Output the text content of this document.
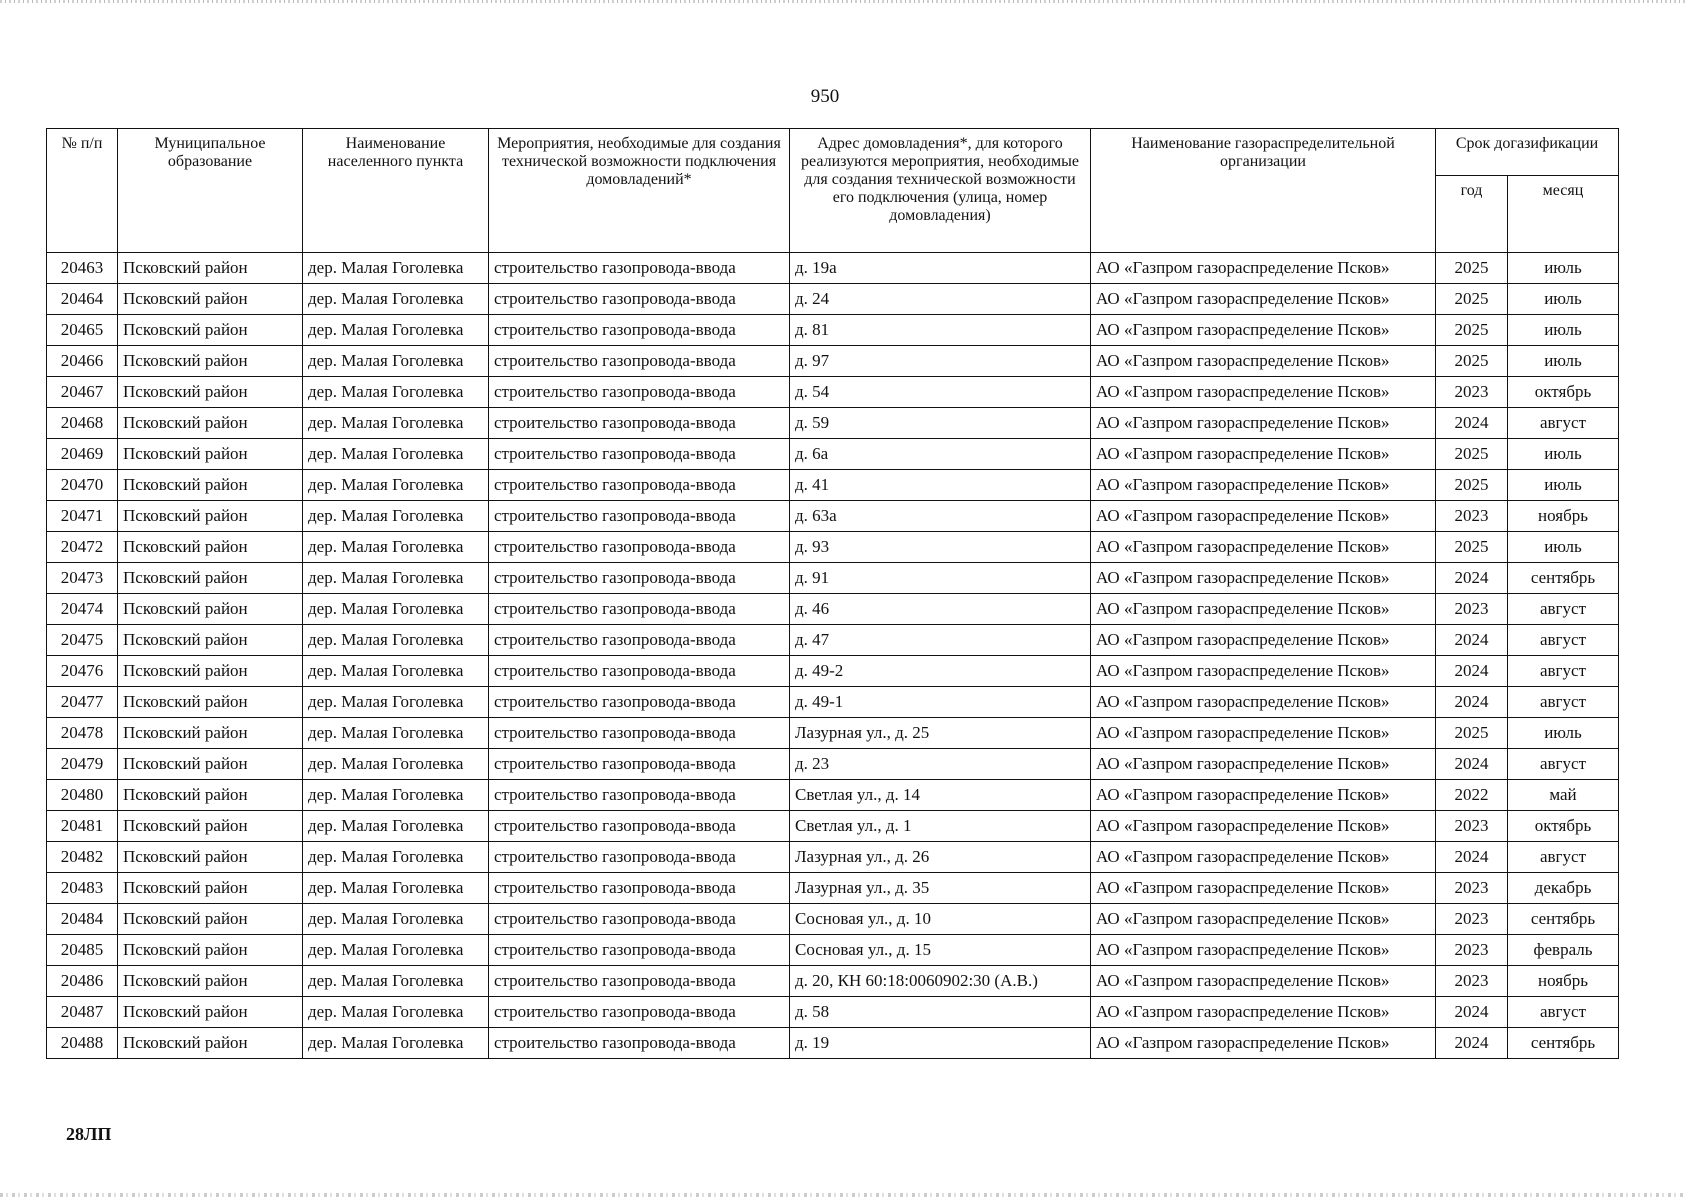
950
№ п/п	Муниципальное образование	Наименование населенного пункта	Мероприятия, необходимые для создания технической возможности подключения домовладений*	Адрес домовладения*, для которого реализуются мероприятия, необходимые для создания технической возможности его подключения (улица, номер домовладения)	Наименование газораспределительной организации	Срок догазификации	
						год	месяц
20463	Псковский район	дер. Малая Гоголевка	строительство газопровода-ввода	д. 19а	АО «Газпром газораспределение Псков»	2025	июль
20464	Псковский район	дер. Малая Гоголевка	строительство газопровода-ввода	д. 24	АО «Газпром газораспределение Псков»	2025	июль
20465	Псковский район	дер. Малая Гоголевка	строительство газопровода-ввода	д. 81	АО «Газпром газораспределение Псков»	2025	июль
20466	Псковский район	дер. Малая Гоголевка	строительство газопровода-ввода	д. 97	АО «Газпром газораспределение Псков»	2025	июль
20467	Псковский район	дер. Малая Гоголевка	строительство газопровода-ввода	д. 54	АО «Газпром газораспределение Псков»	2023	октябрь
20468	Псковский район	дер. Малая Гоголевка	строительство газопровода-ввода	д. 59	АО «Газпром газораспределение Псков»	2024	август
20469	Псковский район	дер. Малая Гоголевка	строительство газопровода-ввода	д. 6а	АО «Газпром газораспределение Псков»	2025	июль
20470	Псковский район	дер. Малая Гоголевка	строительство газопровода-ввода	д. 41	АО «Газпром газораспределение Псков»	2025	июль
20471	Псковский район	дер. Малая Гоголевка	строительство газопровода-ввода	д. 63а	АО «Газпром газораспределение Псков»	2023	ноябрь
20472	Псковский район	дер. Малая Гоголевка	строительство газопровода-ввода	д. 93	АО «Газпром газораспределение Псков»	2025	июль
20473	Псковский район	дер. Малая Гоголевка	строительство газопровода-ввода	д. 91	АО «Газпром газораспределение Псков»	2024	сентябрь
20474	Псковский район	дер. Малая Гоголевка	строительство газопровода-ввода	д. 46	АО «Газпром газораспределение Псков»	2023	август
20475	Псковский район	дер. Малая Гоголевка	строительство газопровода-ввода	д. 47	АО «Газпром газораспределение Псков»	2024	август
20476	Псковский район	дер. Малая Гоголевка	строительство газопровода-ввода	д. 49-2	АО «Газпром газораспределение Псков»	2024	август
20477	Псковский район	дер. Малая Гоголевка	строительство газопровода-ввода	д. 49-1	АО «Газпром газораспределение Псков»	2024	август
20478	Псковский район	дер. Малая Гоголевка	строительство газопровода-ввода	Лазурная ул., д. 25	АО «Газпром газораспределение Псков»	2025	июль
20479	Псковский район	дер. Малая Гоголевка	строительство газопровода-ввода	д. 23	АО «Газпром газораспределение Псков»	2024	август
20480	Псковский район	дер. Малая Гоголевка	строительство газопровода-ввода	Светлая ул., д. 14	АО «Газпром газораспределение Псков»	2022	май
20481	Псковский район	дер. Малая Гоголевка	строительство газопровода-ввода	Светлая ул., д. 1	АО «Газпром газораспределение Псков»	2023	октябрь
20482	Псковский район	дер. Малая Гоголевка	строительство газопровода-ввода	Лазурная ул., д. 26	АО «Газпром газораспределение Псков»	2024	август
20483	Псковский район	дер. Малая Гоголевка	строительство газопровода-ввода	Лазурная ул., д. 35	АО «Газпром газораспределение Псков»	2023	декабрь
20484	Псковский район	дер. Малая Гоголевка	строительство газопровода-ввода	Сосновая ул., д. 10	АО «Газпром газораспределение Псков»	2023	сентябрь
20485	Псковский район	дер. Малая Гоголевка	строительство газопровода-ввода	Сосновая ул., д. 15	АО «Газпром газораспределение Псков»	2023	февраль
20486	Псковский район	дер. Малая Гоголевка	строительство газопровода-ввода	д. 20, КН 60:18:0060902:30 (А.В.)	АО «Газпром газораспределение Псков»	2023	ноябрь
20487	Псковский район	дер. Малая Гоголевка	строительство газопровода-ввода	д. 58	АО «Газпром газораспределение Псков»	2024	август
20488	Псковский район	дер. Малая Гоголевка	строительство газопровода-ввода	д. 19	АО «Газпром газораспределение Псков»	2024	сентябрь
28ЛП
